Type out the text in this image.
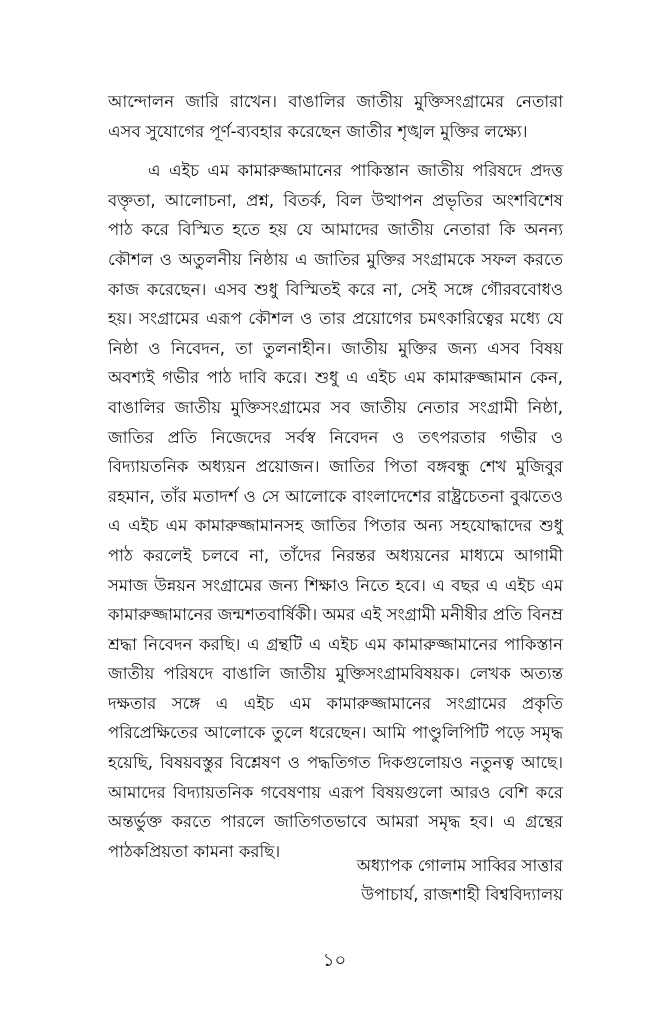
আন্দোলন জারি রাখেন। বাঙালির জাতীয় মুক্তিসংগ্রামের নেতারা এসব সুযোগের পূর্ণ-ব্যবহার করেছেন জাতীর শৃঙ্খল মুক্তির লক্ষ্যে।

এ এইচ এম কামারুজ্জামানের পাকিস্তান জাতীয় পরিষদে প্রদত্ত বক্তৃতা, আলোচনা, প্রশ্ন, বিতর্ক, বিল উত্থাপন প্রভৃতির অংশবিশেষ পাঠ করে বিস্মিত হতে হয় যে আমাদের জাতীয় নেতারা কি অনন্য কৌশল ও অতুলনীয় নিষ্ঠায় এ জাতির মুক্তির সংগ্রামকে সফল করতে কাজ করেছেন। এসব শুধু বিস্মিতই করে না, সেই সঙ্গে গৌরববোধও হয়। সংগ্রামের এরূপ কৌশল ও তার প্রয়োগের চমৎকারিত্বের মধ্যে যে নিষ্ঠা ও নিবেদন, তা তুলনাহীন। জাতীয় মুক্তির জন্য এসব বিষয় অবশ্যই গভীর পাঠ দাবি করে। শুধু এ এইচ এম কামারুজ্জামান কেন, বাঙালির জাতীয় মুক্তিসংগ্রামের সব জাতীয় নেতার সংগ্রামী নিষ্ঠা, জাতির প্রতি নিজেদের সর্বস্ব নিবেদন ও তৎপরতার গভীর ও বিদ্যায়তনিক অধ্যয়ন প্রয়োজন। জাতির পিতা বঙ্গবন্ধু শেখ মুজিবুর রহমান, তাঁর মতাদর্শ ও সে আলোকে বাংলাদেশের রাষ্ট্রচেতনা বুঝতেও এ এইচ এম কামারুজ্জামানসহ জাতির পিতার অন্য সহযোদ্ধাদের শুধু পাঠ করলেই চলবে না, তাঁদের নিরন্তর অধ্যয়নের মাধ্যমে আগামী সমাজ উন্নয়ন সংগ্রামের জন্য শিক্ষাও নিতে হবে। এ বছর এ এইচ এম কামারুজ্জামানের জন্মশতবার্ষিকী। অমর এই সংগ্রামী মনীষীর প্রতি বিনম্র শ্রদ্ধা নিবেদন করছি। এ গ্রন্থটি এ এইচ এম কামারুজ্জামানের পাকিস্তান জাতীয় পরিষদে বাঙালি জাতীয় মুক্তিসংগ্রামবিষয়ক। লেখক অত্যন্ত দক্ষতার সঙ্গে এ এইচ এম কামারুজ্জামানের সংগ্রামের প্রকৃতি পরিপ্রেক্ষিতের আলোকে তুলে ধরেছেন। আমি পাণ্ডুলিপিটি পড়ে সমৃদ্ধ হয়েছি, বিষয়বস্তুর বিশ্লেষণ ও পদ্ধতিগত দিকগুলোয়ও নতুনত্ব আছে। আমাদের বিদ্যায়তনিক গবেষণায় এরূপ বিষয়গুলো আরও বেশি করে অন্তর্ভুক্ত করতে পারলে জাতিগতভাবে আমরা সমৃদ্ধ হব। এ গ্রন্থের পাঠকপ্রিয়তা কামনা করছি।

অধ্যাপক গোলাম সাব্বির সাত্তার
উপাচার্য, রাজশাহী বিশ্ববিদ্যালয়
১০
